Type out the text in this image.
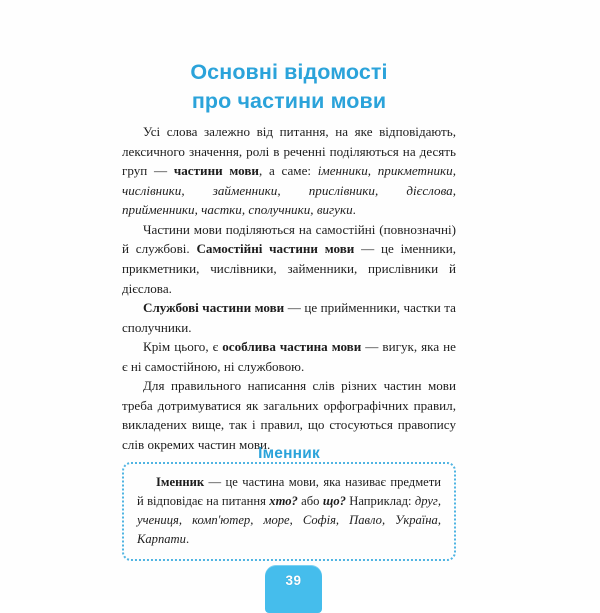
Основні відомості
про частини мови

Усі слова залежно від питання, на яке відповідають, лексичного значення, ролі в реченні поділяються на десять груп — частини мови, а саме: іменники, прикметники, числівники, займенники, прислівники, дієслова, прийменники, частки, сполучники, вигуки.

Частини мови поділяються на самостійні (повнозначні) й службові. Самостійні частини мови — це іменники, прикметники, числівники, займенники, прислівники й дієслова.

Службові частини мови — це прийменники, частки та сполучники.

Крім цього, є особлива частина мови — вигук, яка не є ні самостійною, ні службовою.

Для правильного написання слів різних частин мови треба дотримуватися як загальних орфографічних правил, викладених вище, так і правил, що стосуються правопису слів окремих частин мови.

Іменник

Іменник — це частина мови, яка називає предмети й відповідає на питання хто? або що? Наприклад: друг, учениця, комп'ютер, море, Софія, Павло, Україна, Карпати.

39
